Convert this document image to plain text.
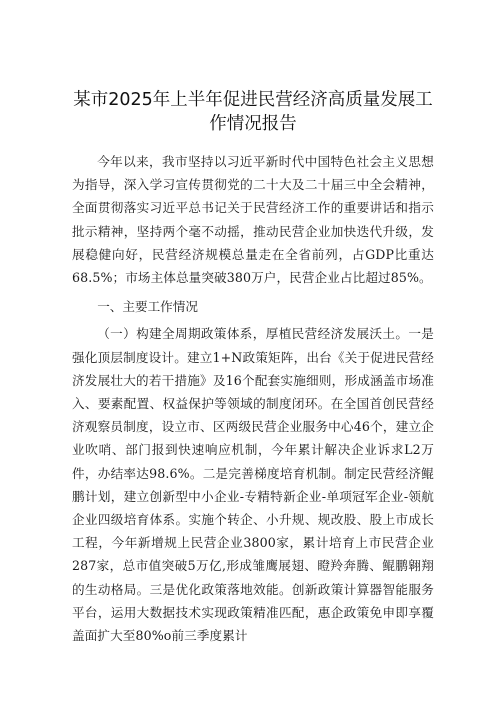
某市2025年上半年促进民营经济高质量发展工作情况报告

今年以来，我市坚持以习近平新时代中国特色社会主义思想为指导，深入学习宣传贯彻党的二十大及二十届三中全会精神，全面贯彻落实习近平总书记关于民营经济工作的重要讲话和指示批示精神，坚持两个毫不动摇，推动民营企业加快迭代升级，发展稳健向好，民营经济规模总量走在全省前列，占GDP比重达68.5%；市场主体总量突破380万户，民营企业占比超过85%。

一、主要工作情况

（一）构建全周期政策体系，厚植民营经济发展沃土。一是强化顶层制度设计。建立1+N政策矩阵，出台《关于促进民营经济发展壮大的若干措施》及16个配套实施细则，形成涵盖市场准入、要素配置、权益保护等领域的制度闭环。在全国首创民营经济观察员制度，设立市、区两级民营企业服务中心46个，建立企业吹哨、部门报到快速响应机制，今年累计解决企业诉求L2万件，办结率达98.6%。二是完善梯度培育机制。制定民营经济鲲鹏计划，建立创新型中小企业-专精特新企业-单项冠军企业-领航企业四级培育体系。实施个转企、小升规、规改股、股上市成长工程，今年新增规上民营企业3800家，累计培育上市民营企业287家，总市值突破5万亿,形成雏鹰展翅、瞪羚奔腾、鲲鹏翱翔的生动格局。三是优化政策落地效能。创新政策计算器智能服务平台，运用大数据技术实现政策精准匹配，惠企政策免申即享覆盖面扩大至80%o前三季度累计
